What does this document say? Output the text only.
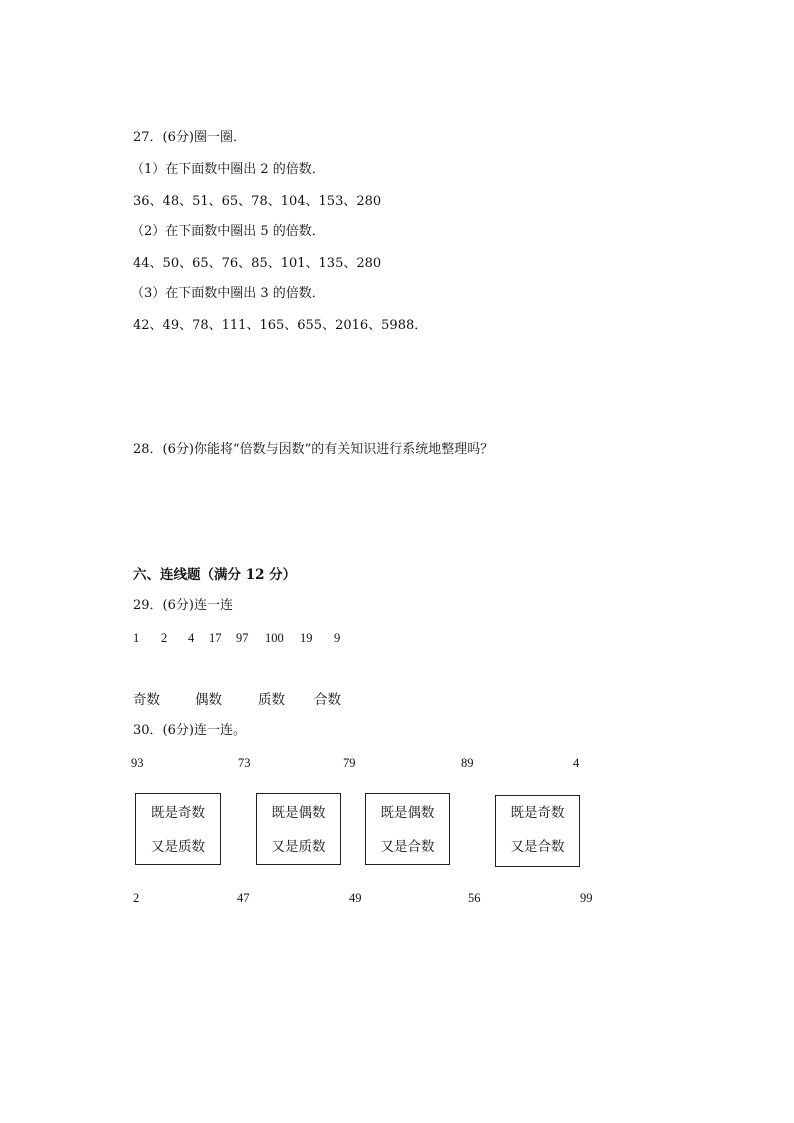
27．(6分)圈一圈．
（1）在下面数中圈出 2 的倍数．
36、48、51、65、78、104、153、280
（2）在下面数中圈出 5 的倍数．
44、50、65、76、85、101、135、280
（3）在下面数中圈出 3 的倍数．
42、49、78、111、165、655、2016、5988．
28．(6分)你能将“倍数与因数”的有关知识进行系统地整理吗？
六、连线题（满分 12 分）
29．(6分)连一连
1 2 4 17 97 100 19 9
奇数	偶数	质数 合数
30．(6分)连一连。
93	73	79	89	4
既是奇数
又是质数
既是偶数
又是质数
既是偶数
又是合数
既是奇数
又是合数
2	47	49	56	99
